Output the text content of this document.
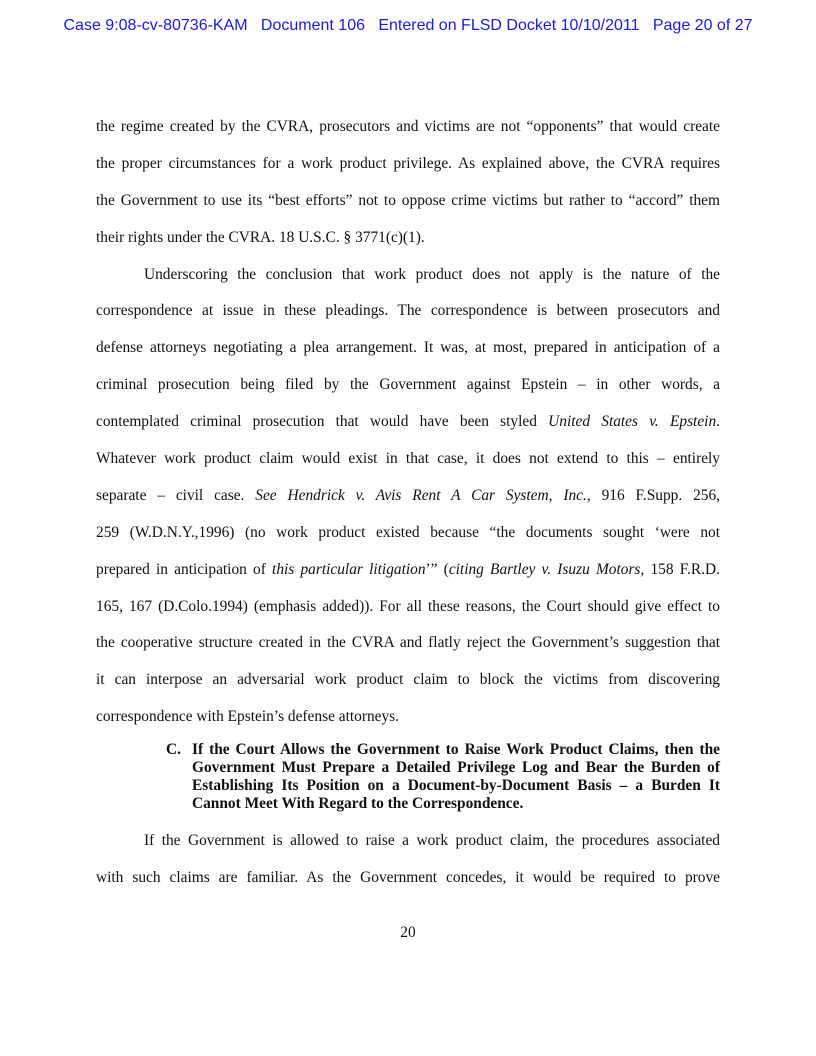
Case 9:08-cv-80736-KAM   Document 106   Entered on FLSD Docket 10/10/2011   Page 20 of 27
the regime created by the CVRA, prosecutors and victims are not “opponents” that would create
the proper circumstances for a work product privilege. As explained above, the CVRA requires
the Government to use its “best efforts” not to oppose crime victims but rather to “accord” them
their rights under the CVRA. 18 U.S.C. § 3771(c)(1).
Underscoring the conclusion that work product does not apply is the nature of the
correspondence at issue in these pleadings. The correspondence is between prosecutors and
defense attorneys negotiating a plea arrangement. It was, at most, prepared in anticipation of a
criminal prosecution being filed by the Government against Epstein – in other words, a
contemplated criminal prosecution that would have been styled United States v. Epstein.
Whatever work product claim would exist in that case, it does not extend to this – entirely
separate – civil case. See Hendrick v. Avis Rent A Car System, Inc., 916 F.Supp. 256,
259 (W.D.N.Y.,1996) (no work product existed because “the documents sought ‘were not
prepared in anticipation of this particular litigation’” (citing Bartley v. Isuzu Motors, 158 F.R.D.
165, 167 (D.Colo.1994) (emphasis added)). For all these reasons, the Court should give effect to
the cooperative structure created in the CVRA and flatly reject the Government’s suggestion that
it can interpose an adversarial work product claim to block the victims from discovering
correspondence with Epstein’s defense attorneys.
C. If the Court Allows the Government to Raise Work Product Claims, then the
Government Must Prepare a Detailed Privilege Log and Bear the Burden of
Establishing Its Position on a Document-by-Document Basis – a Burden It
Cannot Meet With Regard to the Correspondence.
If the Government is allowed to raise a work product claim, the procedures associated
with such claims are familiar. As the Government concedes, it would be required to prove
20
